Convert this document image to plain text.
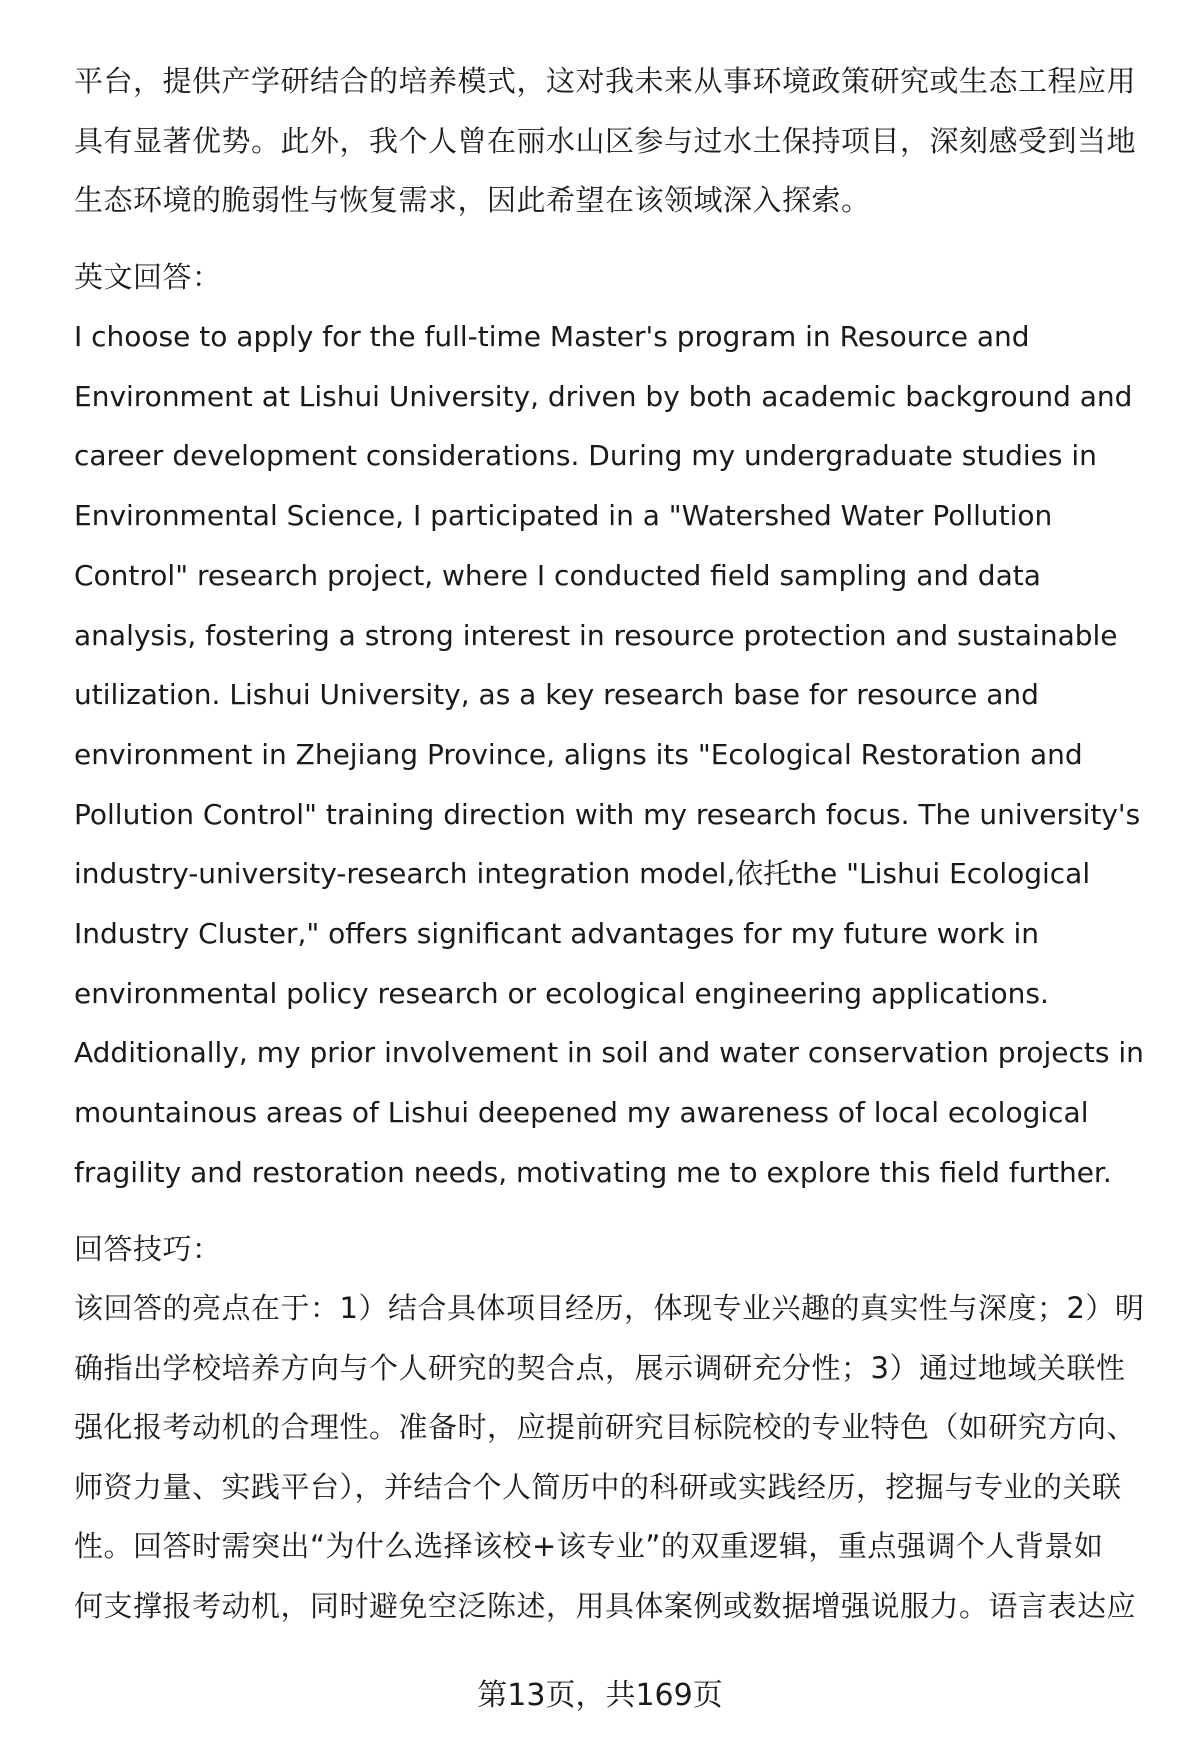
平台，提供产学研结合的培养模式，这对我未来从事环境政策研究或生态工程应用
具有显著优势。此外，我个人曾在丽水山区参与过水土保持项目，深刻感受到当地
生态环境的脆弱性与恢复需求，因此希望在该领域深入探索。
英文回答：
I choose to apply for the full-time Master's program in Resource and
Environment at Lishui University, driven by both academic background and
career development considerations. During my undergraduate studies in
Environmental Science, I participated in a "Watershed Water Pollution
Control" research project, where I conducted field sampling and data
analysis, fostering a strong interest in resource protection and sustainable
utilization. Lishui University, as a key research base for resource and
environment in Zhejiang Province, aligns its "Ecological Restoration and
Pollution Control" training direction with my research focus. The university's
industry-university-research integration model,依托the "Lishui Ecological
Industry Cluster," offers significant advantages for my future work in
environmental policy research or ecological engineering applications.
Additionally, my prior involvement in soil and water conservation projects in
mountainous areas of Lishui deepened my awareness of local ecological
fragility and restoration needs, motivating me to explore this field further.
回答技巧：
该回答的亮点在于：1）结合具体项目经历，体现专业兴趣的真实性与深度；2）明
确指出学校培养方向与个人研究的契合点，展示调研充分性；3）通过地域关联性
强化报考动机的合理性。准备时，应提前研究目标院校的专业特色（如研究方向、
师资力量、实践平台），并结合个人简历中的科研或实践经历，挖掘与专业的关联
性。回答时需突出“为什么选择该校+该专业”的双重逻辑，重点强调个人背景如
何支撑报考动机，同时避免空泛陈述，用具体案例或数据增强说服力。语言表达应
第13页，共169页
